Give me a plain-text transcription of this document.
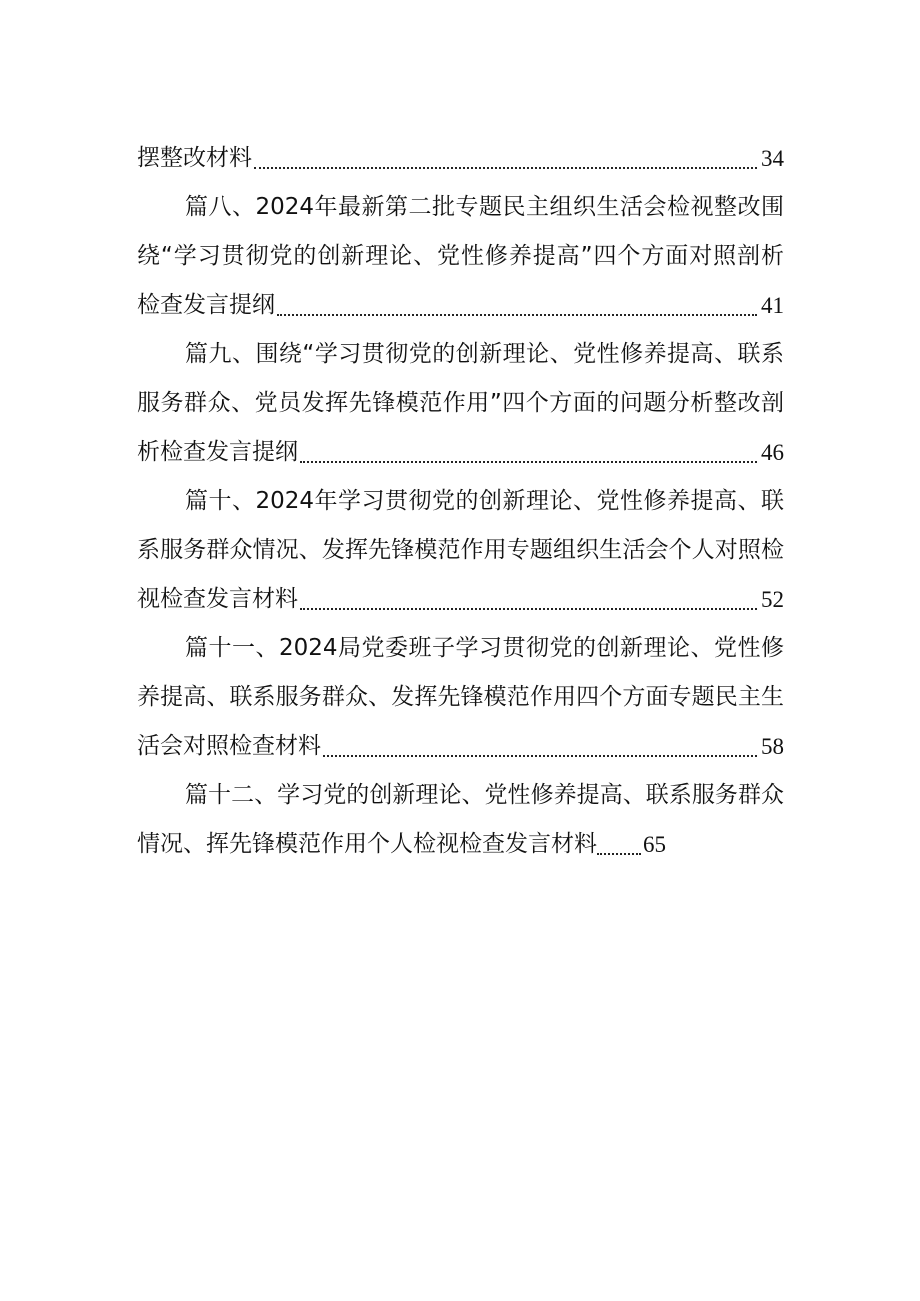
摆整改材料	34
篇八、2024年最新第二批专题民主组织生活会检视整改围
绕“学习贯彻党的创新理论、党性修养提高”四个方面对照剖析
检查发言提纲	41
篇九、围绕“学习贯彻党的创新理论、党性修养提高、联系
服务群众、党员发挥先锋模范作用”四个方面的问题分析整改剖
析检查发言提纲	46
篇十、2024年学习贯彻党的创新理论、党性修养提高、联
系服务群众情况、发挥先锋模范作用专题组织生活会个人对照检
视检查发言材料	52
篇十一、2024局党委班子学习贯彻党的创新理论、党性修
养提高、联系服务群众、发挥先锋模范作用四个方面专题民主生
活会对照检查材料	58
篇十二、学习党的创新理论、党性修养提高、联系服务群众
情况、挥先锋模范作用个人检视检查发言材料 65
